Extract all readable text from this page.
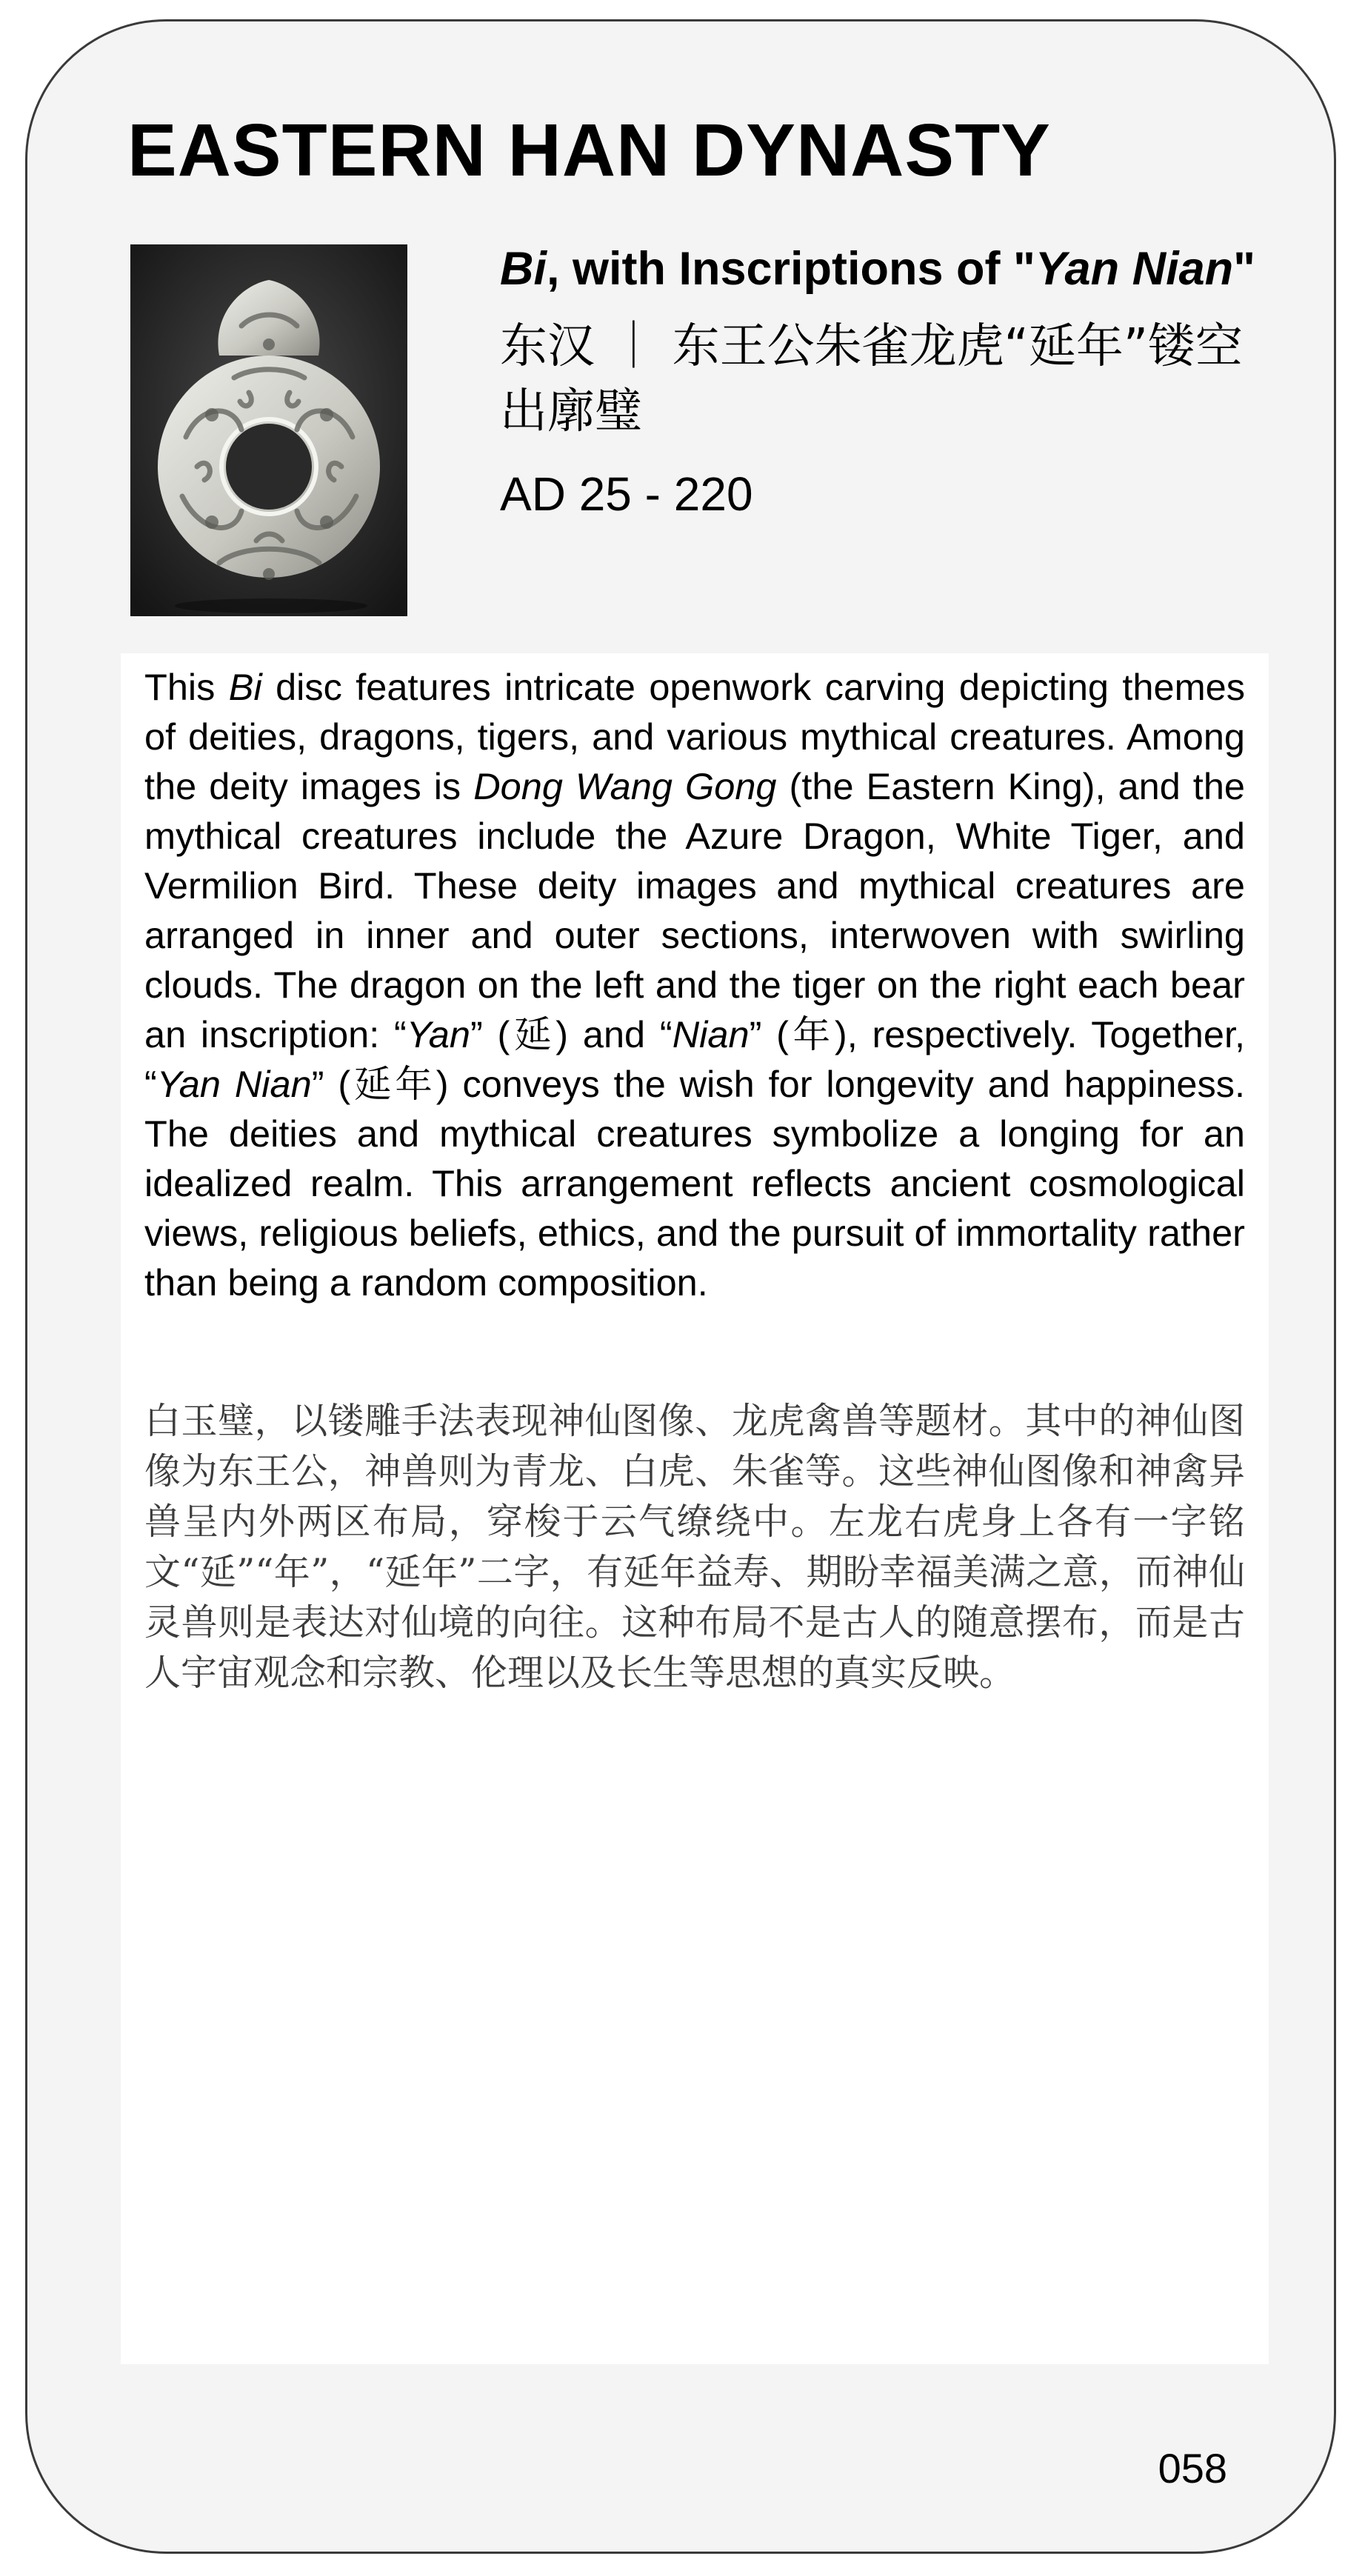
EASTERN HAN DYNASTY

Bi, with Inscriptions of "Yan Nian"

东汉 ｜ 东王公朱雀龙虎“延年”镂空出廓璧

AD 25 - 220

This Bi disc features intricate openwork carving depicting themes of deities, dragons, tigers, and various mythical creatures. Among the deity images is Dong Wang Gong (the Eastern King), and the mythical creatures include the Azure Dragon, White Tiger, and Vermilion Bird. These deity images and mythical creatures are arranged in inner and outer sections, interwoven with swirling clouds. The dragon on the left and the tiger on the right each bear an inscription: “Yan” (延) and “Nian” (年), respectively. Together, “Yan Nian” (延年) conveys the wish for longevity and happiness. The deities and mythical creatures symbolize a longing for an idealized realm. This arrangement reflects ancient cosmological views, religious beliefs, ethics, and the pursuit of immortality rather than being a random composition.

白玉璧，以镂雕手法表现神仙图像、龙虎禽兽等题材。其中的神仙图像为东王公，神兽则为青龙、白虎、朱雀等。这些神仙图像和神禽异兽呈内外两区布局，穿梭于云气缭绕中。左龙右虎身上各有一字铭文“延”“年”，“延年”二字，有延年益寿、期盼幸福美满之意，而神仙灵兽则是表达对仙境的向往。这种布局不是古人的随意摆布，而是古人宇宙观念和宗教、伦理以及长生等思想的真实反映。

058
